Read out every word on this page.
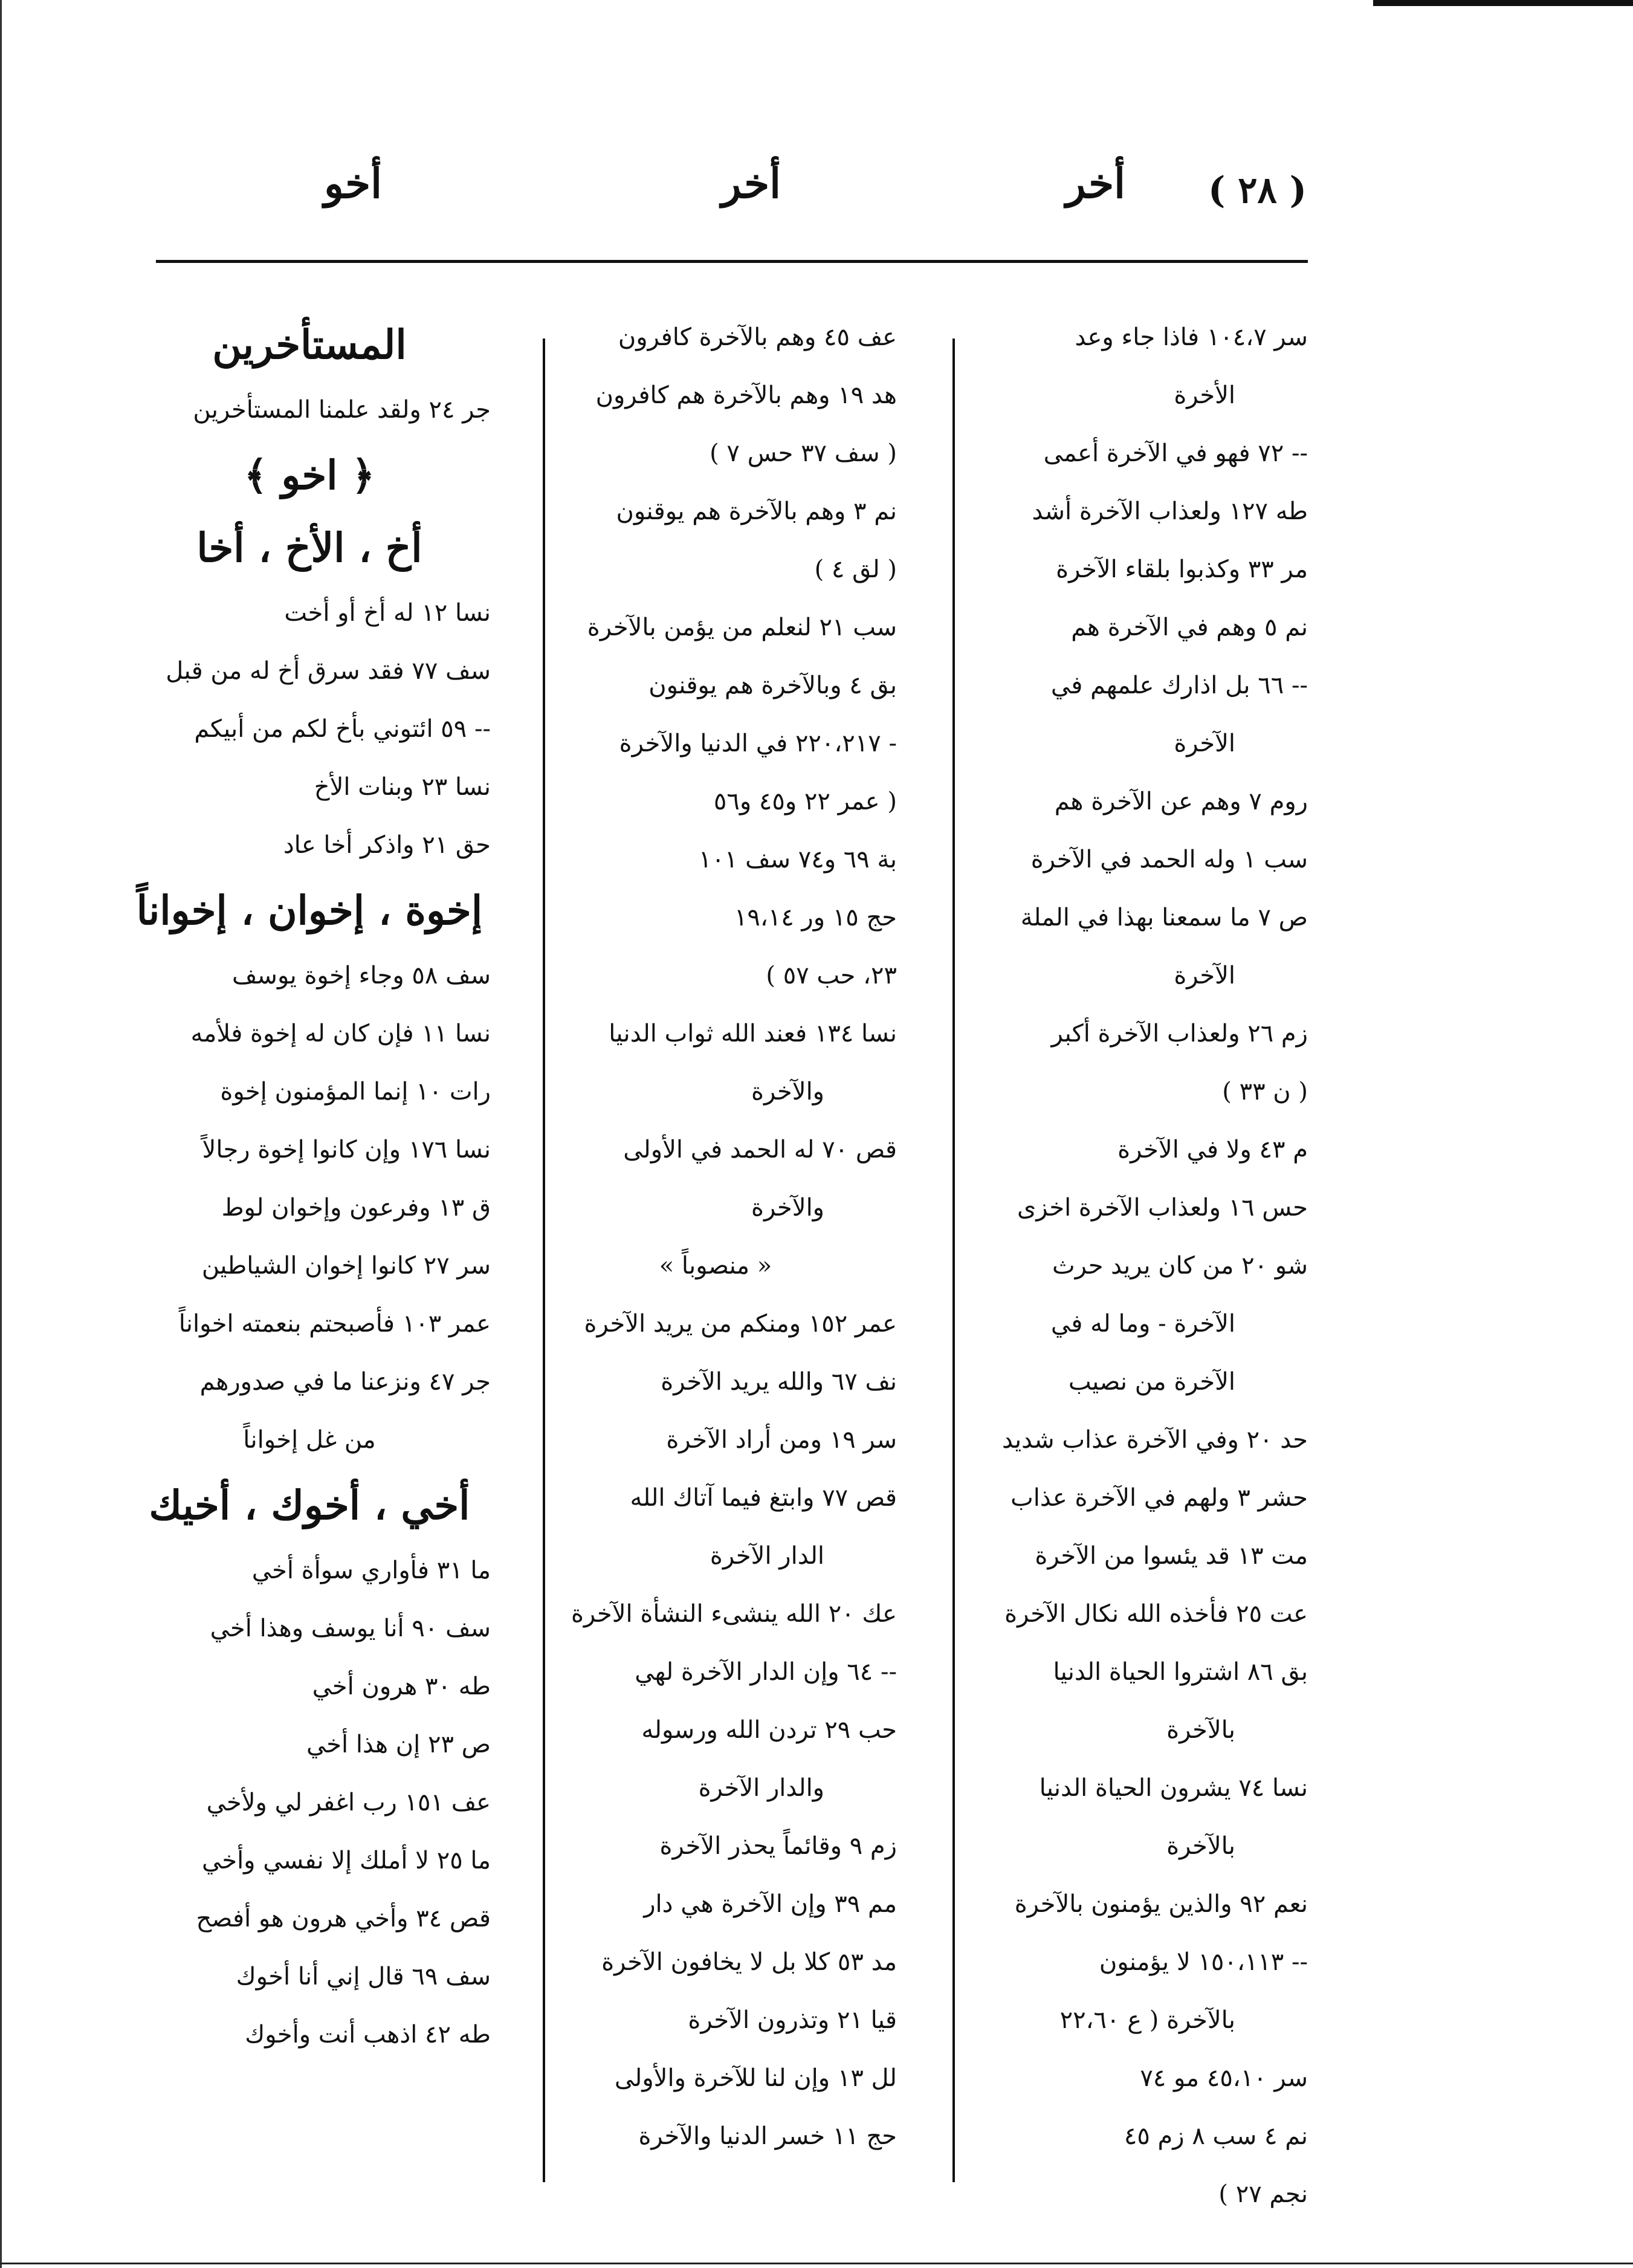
( ٢٨ )
أخر
أخر
أخو
سر ١٠٤،٧ فاذا جاء وعد
الأخرة
-- ٧٢ فهو في الآخرة أعمى
طه ١٢٧ ولعذاب الآخرة أشد
مر ٣٣ وكذبوا بلقاء الآخرة
نم ٥ وهم في الآخرة هم
-- ٦٦ بل اذارك علمهم في
الآخرة
روم ٧ وهم عن الآخرة هم
سب ١ وله الحمد في الآخرة
ص ٧ ما سمعنا بهذا في الملة
الآخرة
زم ٢٦ ولعذاب الآخرة أكبر
( ن ٣٣ )
م ٤٣ ولا في الآخرة
حس ١٦ ولعذاب الآخرة اخزى
شو ٢٠ من كان يريد حرث
الآخرة - وما له في
الآخرة من نصيب
حد ٢٠ وفي الآخرة عذاب شديد
حشر ٣ ولهم في الآخرة عذاب
مت ١٣ قد يئسوا من الآخرة
عت ٢٥ فأخذه الله نكال الآخرة
بق ٨٦ اشتروا الحياة الدنيا
بالآخرة
نسا ٧٤ يشرون الحياة الدنيا
بالآخرة
نعم ٩٢ والذين يؤمنون بالآخرة
-- ١٥٠،١١٣ لا يؤمنون
بالآخرة ( ع ٢٢،٦٠
سر ٤٥،١٠ مو ٧٤
نم ٤ سب ٨ زم ٤٥
نجم ٢٧ )
عف ٤٥ وهم بالآخرة كافرون
هد ١٩ وهم بالآخرة هم كافرون
( سف ٣٧ حس ٧ )
نم ٣ وهم بالآخرة هم يوقنون
( لق ٤ )
سب ٢١ لنعلم من يؤمن بالآخرة
بق ٤ وبالآخرة هم يوقنون
- ٢٢٠،٢١٧ في الدنيا والآخرة
( عمر ٢٢ و٤٥ و٥٦
بة ٦٩ و٧٤ سف ١٠١
حج ١٥ ور ١٩،١٤
٢٣، حب ٥٧ )
نسا ١٣٤ فعند الله ثواب الدنيا
والآخرة
قص ٧٠ له الحمد في الأولى
والآخرة
« منصوباً »
عمر ١٥٢ ومنكم من يريد الآخرة
نف ٦٧ والله يريد الآخرة
سر ١٩ ومن أراد الآخرة
قص ٧٧ وابتغ فيما آتاك الله
الدار الآخرة
عك ٢٠ الله ينشىء النشأة الآخرة
-- ٦٤ وإن الدار الآخرة لهي
حب ٢٩ تردن الله ورسوله
والدار الآخرة
زم ٩ وقائماً يحذر الآخرة
مم ٣٩ وإن الآخرة هي دار
مد ٥٣ كلا بل لا يخافون الآخرة
قيا ٢١ وتذرون الآخرة
لل ١٣ وإن لنا للآخرة والأولى
حج ١١ خسر الدنيا والآخرة
المستأخرين
جر ٢٤ ولقد علمنا المستأخرين
﴿ اخو ﴾
أخ ، الأخ ، أخا
نسا ١٢ له أخ أو أخت
سف ٧٧ فقد سرق أخ له من قبل
-- ٥٩ ائتوني بأخ لكم من أبيكم
نسا ٢٣ وبنات الأخ
حق ٢١ واذكر أخا عاد
إخوة ، إخوان ، إخواناً
سف ٥٨ وجاء إخوة يوسف
نسا ١١ فإن كان له إخوة فلأمه
رات ١٠ إنما المؤمنون إخوة
نسا ١٧٦ وإن كانوا إخوة رجالاً
ق ١٣ وفرعون وإخوان لوط
سر ٢٧ كانوا إخوان الشياطين
عمر ١٠٣ فأصبحتم بنعمته اخواناً
جر ٤٧ ونزعنا ما في صدورهم
من غل إخواناً
أخي ، أخوك ، أخيك
ما ٣١ فأواري سوأة أخي
سف ٩٠ أنا يوسف وهذا أخي
طه ٣٠ هرون أخي
ص ٢٣ إن هذا أخي
عف ١٥١ رب اغفر لي ولأخي
ما ٢٥ لا أملك إلا نفسي وأخي
قص ٣٤ وأخي هرون هو أفصح
سف ٦٩ قال إني أنا أخوك
طه ٤٢ اذهب أنت وأخوك
